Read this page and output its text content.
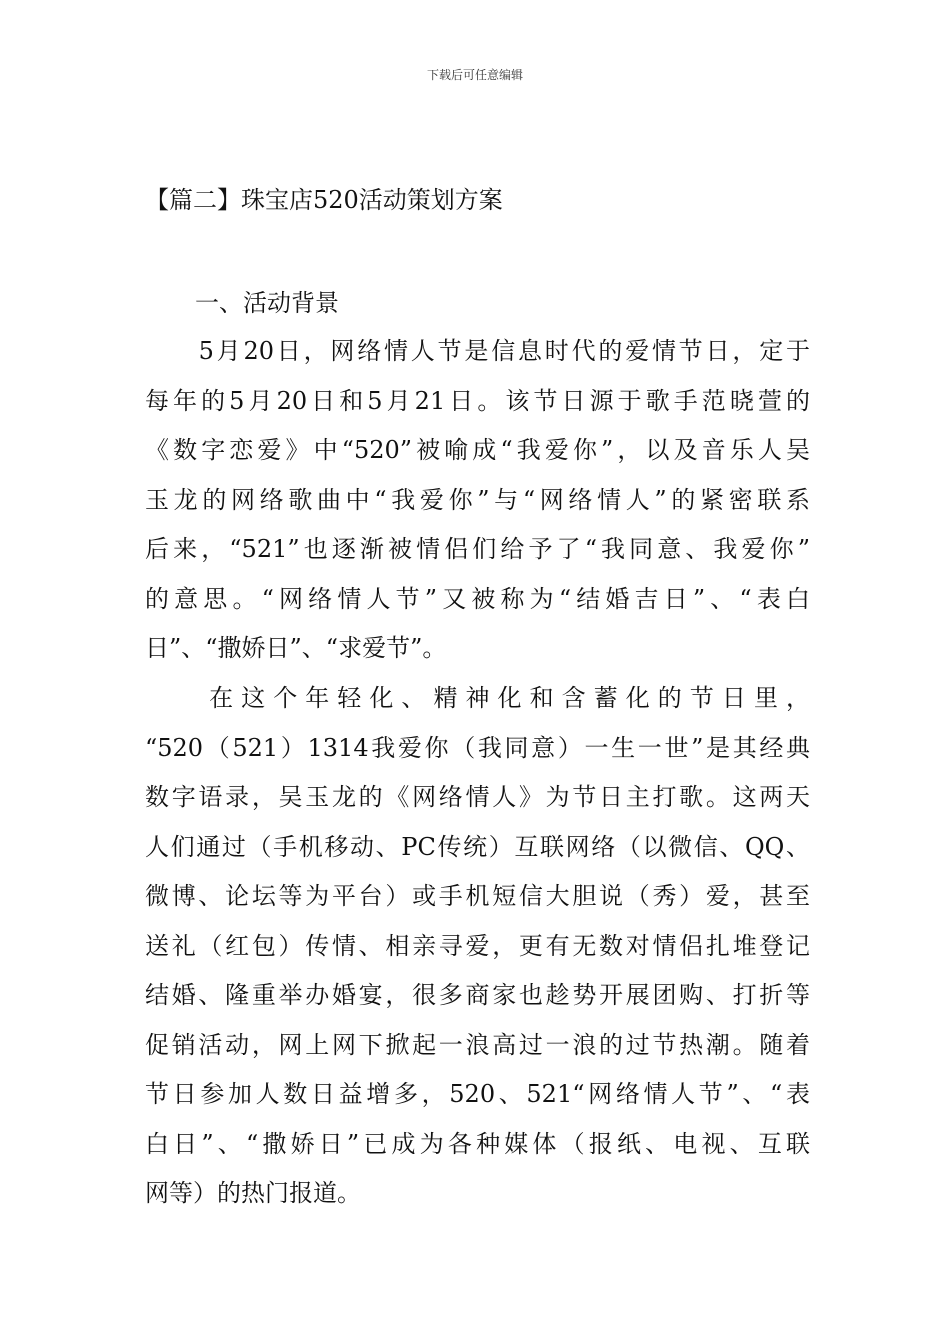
下载后可任意编辑
【篇二】珠宝店520活动策划方案
一、活动背景
　　5月20日，网络情人节是信息时代的爱情节日，定于
每年的5月20日和5月21日。该节日源于歌手范晓萱的
《数字恋爱》中“520”被喻成“我爱你”，以及音乐人吴
玉龙的网络歌曲中“我爱你”与“网络情人”的紧密联系
后来，“521”也逐渐被情侣们给予了“我同意、我爱你”
的意思。“网络情人节”又被称为“结婚吉日”、“表白
日”、“撒娇日”、“求爱节”。
　　在这个年轻化、精神化和含蓄化的节日里，
“520（521）1314我爱你（我同意）一生一世”是其经典
数字语录，吴玉龙的《网络情人》为节日主打歌。这两天
人们通过（手机移动、PC传统）互联网络（以微信、QQ、
微博、论坛等为平台）或手机短信大胆说（秀）爱，甚至
送礼（红包）传情、相亲寻爱，更有无数对情侣扎堆登记
结婚、隆重举办婚宴，很多商家也趁势开展团购、打折等
促销活动，网上网下掀起一浪高过一浪的过节热潮。随着
节日参加人数日益增多，520、521“网络情人节”、“表
白日”、“撒娇日”已成为各种媒体（报纸、电视、互联
网等）的热门报道。
